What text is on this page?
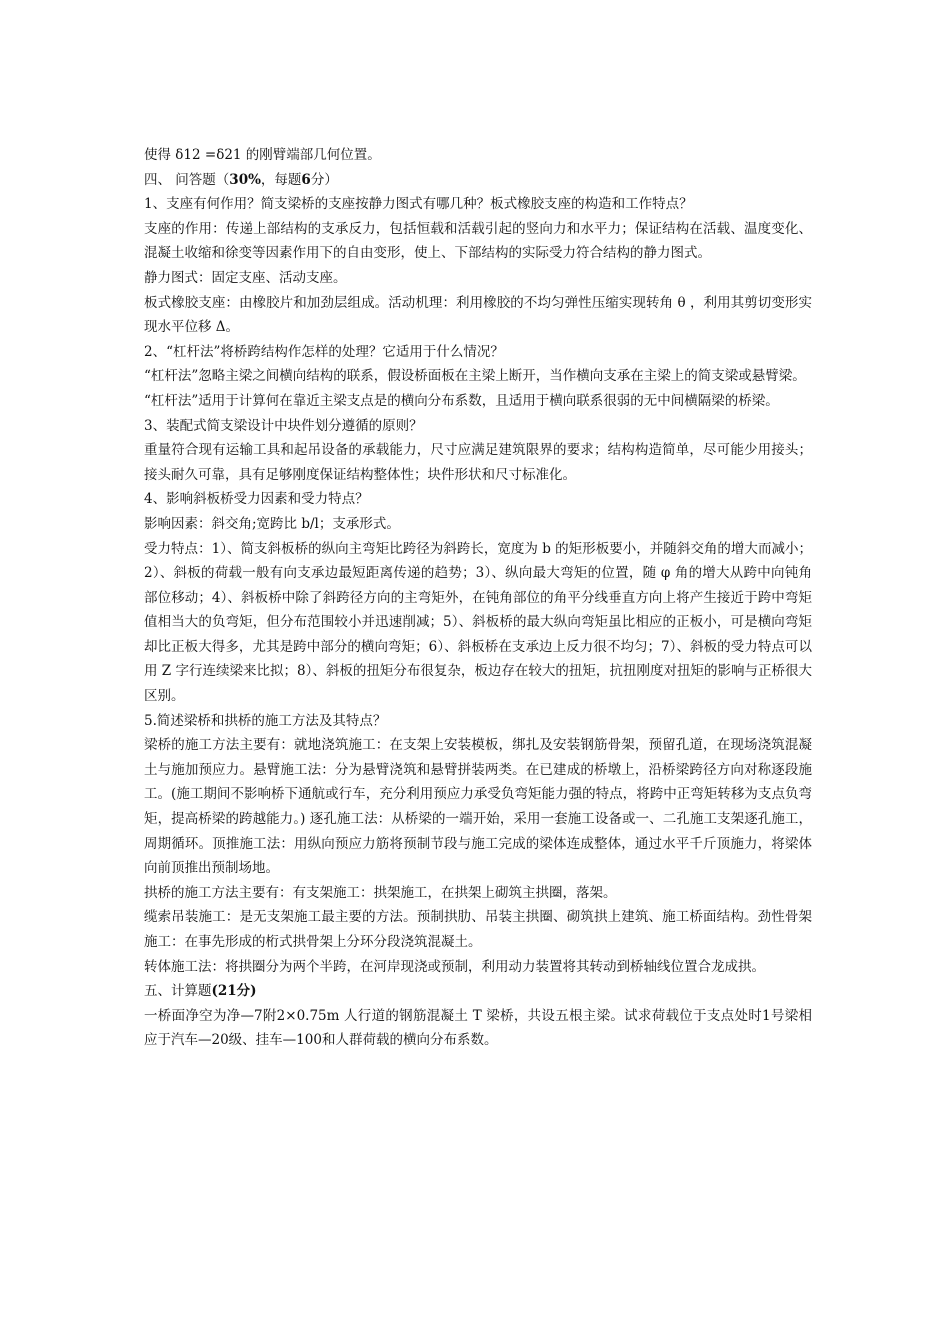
使得 δ12 =δ21 的刚臂端部几何位置。

四、 问答题（30%，每题6分）

1、支座有何作用？简支梁桥的支座按静力图式有哪几种？板式橡胶支座的构造和工作特点？

支座的作用：传递上部结构的支承反力，包括恒载和活载引起的竖向力和水平力；保证结构在活载、温度变化、混凝土收缩和徐变等因素作用下的自由变形，使上、下部结构的实际受力符合结构的静力图式。

静力图式：固定支座、活动支座。

板式橡胶支座：由橡胶片和加劲层组成。活动机理：利用橡胶的不均匀弹性压缩实现转角 θ ，利用其剪切变形实现水平位移 Δ。

2、“杠杆法”将桥跨结构作怎样的处理？它适用于什么情况？

“杠杆法”忽略主梁之间横向结构的联系，假设桥面板在主梁上断开，当作横向支承在主梁上的简支梁或悬臂梁。

“杠杆法”适用于计算何在靠近主梁支点是的横向分布系数，且适用于横向联系很弱的无中间横隔梁的桥梁。

3、装配式简支梁设计中块件划分遵循的原则？

重量符合现有运输工具和起吊设备的承载能力，尺寸应满足建筑限界的要求；结构构造简单，尽可能少用接头；接头耐久可靠，具有足够刚度保证结构整体性；块件形状和尺寸标准化。

4、影响斜板桥受力因素和受力特点？

影响因素：斜交角;宽跨比 b/l；支承形式。

受力特点：1）、简支斜板桥的纵向主弯矩比跨径为斜跨长，宽度为 b 的矩形板要小，并随斜交角的增大而减小；2）、斜板的荷载一般有向支承边最短距离传递的趋势；3）、纵向最大弯矩的位置，随 φ 角的增大从跨中向钝角部位移动；4）、斜板桥中除了斜跨径方向的主弯矩外，在钝角部位的角平分线垂直方向上将产生接近于跨中弯矩值相当大的负弯矩，但分布范围较小并迅速削减；5）、斜板桥的最大纵向弯矩虽比相应的正板小，可是横向弯矩却比正板大得多，尤其是跨中部分的横向弯矩；6）、斜板桥在支承边上反力很不均匀；7）、斜板的受力特点可以用 Z 字行连续梁来比拟；8）、斜板的扭矩分布很复杂，板边存在较大的扭矩，抗扭刚度对扭矩的影响与正桥很大区别。

5.简述梁桥和拱桥的施工方法及其特点？

梁桥的施工方法主要有：就地浇筑施工：在支架上安装模板，绑扎及安装钢筋骨架，预留孔道，在现场浇筑混凝土与施加预应力。悬臂施工法：分为悬臂浇筑和悬臂拼装两类。在已建成的桥墩上，沿桥梁跨径方向对称逐段施工。(施工期间不影响桥下通航或行车，充分利用预应力承受负弯矩能力强的特点，将跨中正弯矩转移为支点负弯矩，提高桥梁的跨越能力。) 逐孔施工法：从桥梁的一端开始，采用一套施工设备或一、二孔施工支架逐孔施工，周期循环。顶推施工法：用纵向预应力筋将预制节段与施工完成的梁体连成整体，通过水平千斤顶施力，将梁体向前顶推出预制场地。

拱桥的施工方法主要有：有支架施工：拱架施工，在拱架上砌筑主拱圈，落架。

缆索吊装施工：是无支架施工最主要的方法。预制拱肋、吊装主拱圈、砌筑拱上建筑、施工桥面结构。劲性骨架施工：在事先形成的桁式拱骨架上分环分段浇筑混凝土。

转体施工法：将拱圈分为两个半跨，在河岸现浇或预制，利用动力装置将其转动到桥轴线位置合龙成拱。

五、计算题(21分)

一桥面净空为净—7附2×0.75m 人行道的钢筋混凝土 T 梁桥，共设五根主梁。试求荷载位于支点处时1号梁相应于汽车—20级、挂车—100和人群荷载的横向分布系数。
